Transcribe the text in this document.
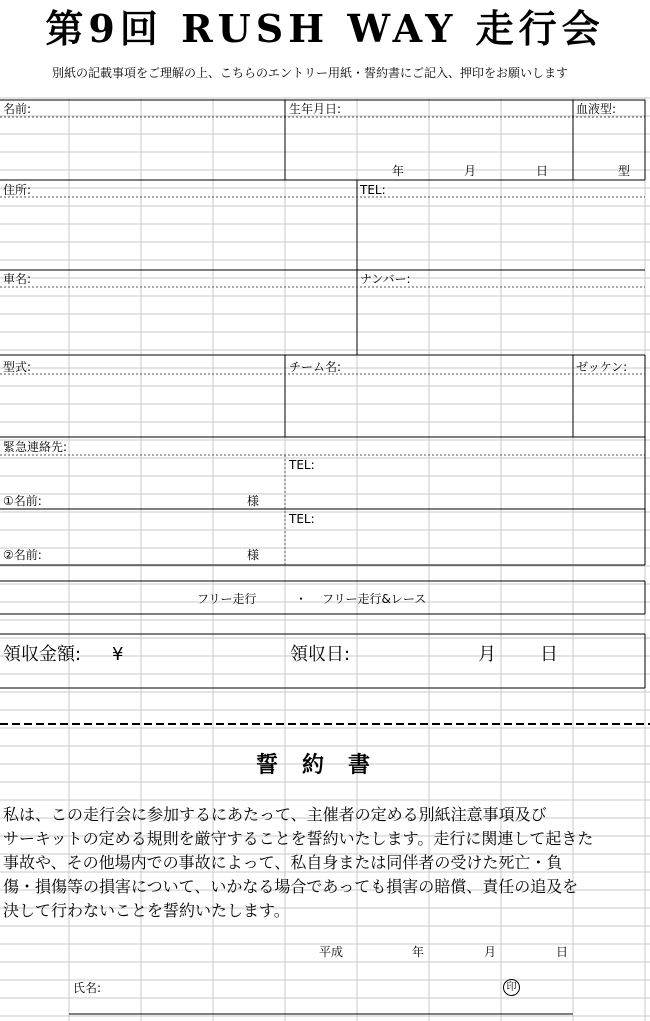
第9回 RUSH WAY 走行会
別紙の記載事項をご理解の上、こちらのエントリー用紙・誓約書にご記入、押印をお願いします
名前:	生年月日:	血液型:
年	月	日	型
住所:	TEL:
車名:	ナンバー:
型式:	チーム名:	ゼッケン:
緊急連絡先:
TEL:
①名前:	様
TEL:
②名前:	様
フリー走行	・ フリー走行&レース
領収金額: ¥	領収日:	月 日
誓約書
私は、この走行会に参加するにあたって、主催者の定める別紙注意事項及び
サーキットの定める規則を厳守することを誓約いたします。走行に関連して起きた
事故や、その他場内での事故によって、私自身または同伴者の受けた死亡・負
傷・損傷等の損害について、いかなる場合であっても損害の賠償、責任の追及を
決して行わないことを誓約いたします。
平成	年	月	日
氏名:	印
